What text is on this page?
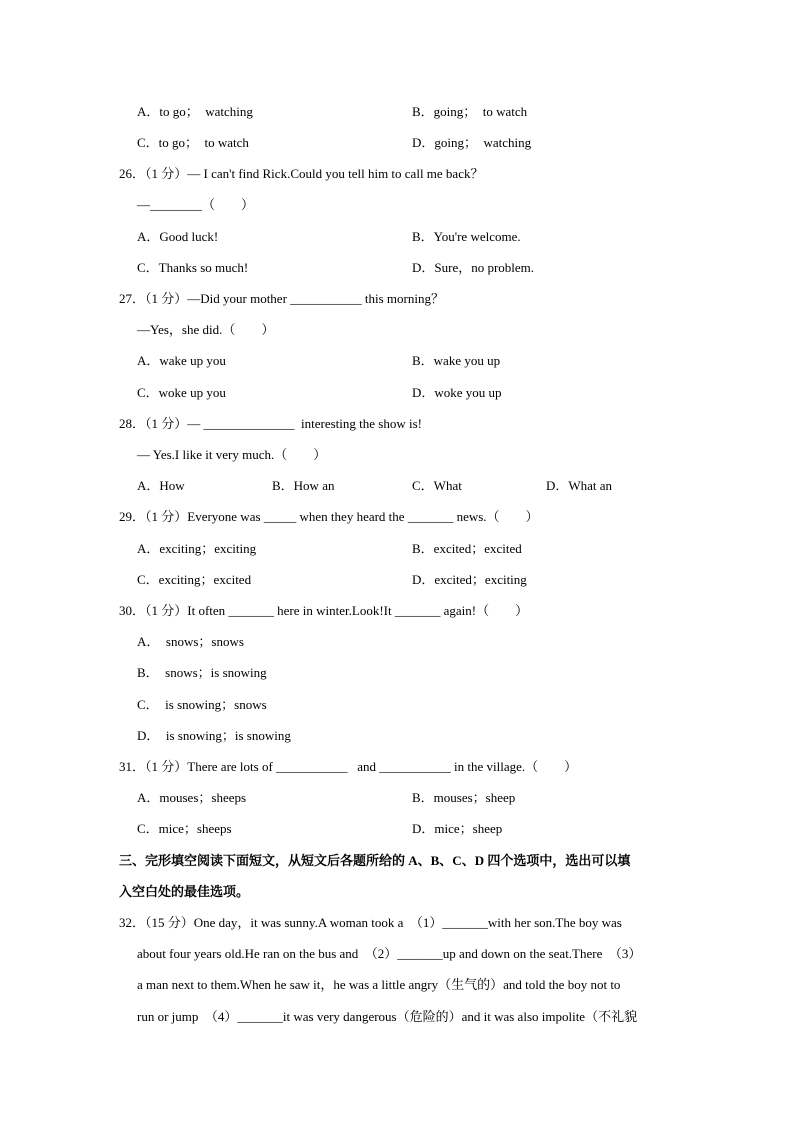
A．to go；  watching	B．going；  to watch
C．to go；  to watch	D．going；  watching
26．（1 分）— I can't find Rick.Could you tell him to call me back？
—________（　　）
A．Good luck!	B．You're welcome.
C．Thanks so much!	D．Sure，no problem.
27．（1 分）—Did your mother ___________ this morning？
—Yes，she did.（　　）
A．wake up you	B．wake you up
C．woke up you	D．woke you up
28．（1 分）— ______________  interesting the show is!
— Yes.I like it very much.（　　）
A．How	B．How an	C．What	D．What an
29．（1 分）Everyone was _____ when they heard the _______ news.（　　）
A．exciting；exciting	B．excited；excited
C．exciting；excited	D．excited；exciting
30．（1 分）It often _______ here in winter.Look!It _______ again!（　　）
A．  snows；snows
B．  snows；is snowing
C．  is snowing；snows
D．  is snowing；is snowing
31．（1 分）There are lots of ___________   and ___________ in the village.（　　）
A．mouses；sheeps	B．mouses；sheep
C．mice；sheeps	D．mice；sheep
三、完形填空阅读下面短文，从短文后各题所给的 A、B、C、D 四个选项中，选出可以填
入空白处的最佳选项。
32．（15 分）One day，it was sunny.A woman took a  （1）_______with her son.The boy was
about four years old.He ran on the bus and  （2）_______up and down on the seat.There  （3）
a man next to them.When he saw it，he was a little angry（生气的）and told the boy not to
run or jump  （4）_______it was very dangerous（危险的）and it was also impolite（不礼貌
